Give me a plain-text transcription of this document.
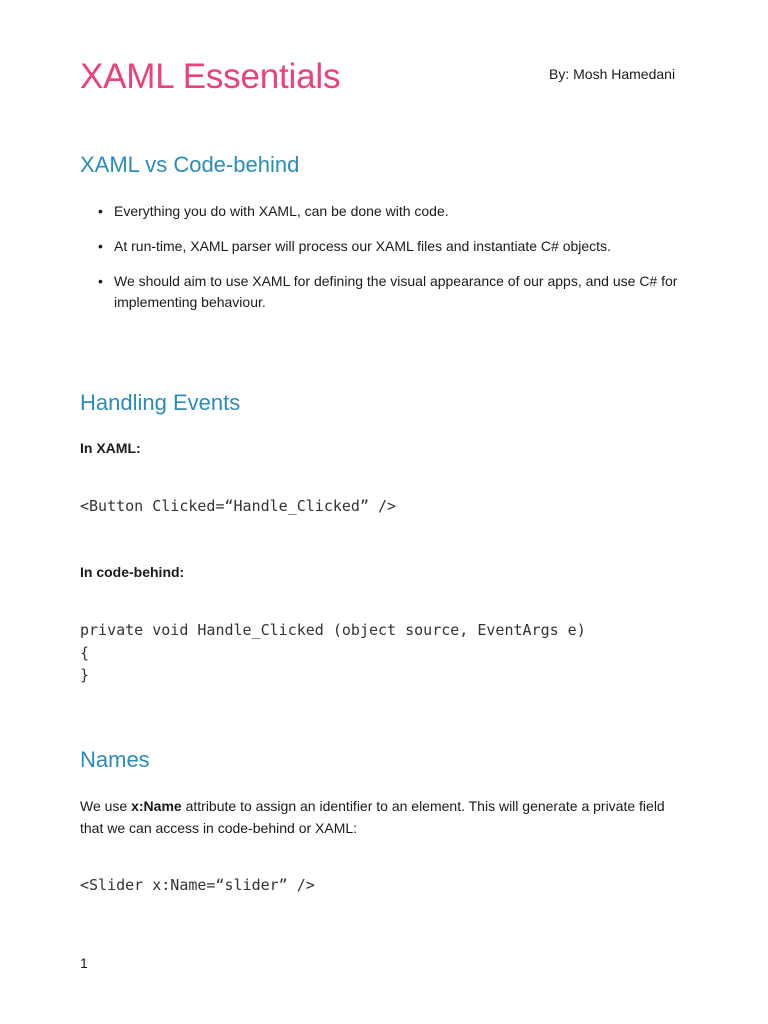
XAML Essentials	By: Mosh Hamedani
XAML vs Code-behind
• Everything you do with XAML, can be done with code.
• At run-time, XAML parser will process our XAML files and instantiate C# objects.
• We should aim to use XAML for defining the visual appearance of our apps, and use C# for implementing behaviour.
Handling Events
In XAML:
<Button Clicked=“Handle_Clicked” />
In code-behind:
private void Handle_Clicked (object source, EventArgs e)
{
}
Names

We use x:Name attribute to assign an identifier to an element. This will generate a private field that we can access in code-behind or XAML:

<Slider x:Name=“slider” />
1
